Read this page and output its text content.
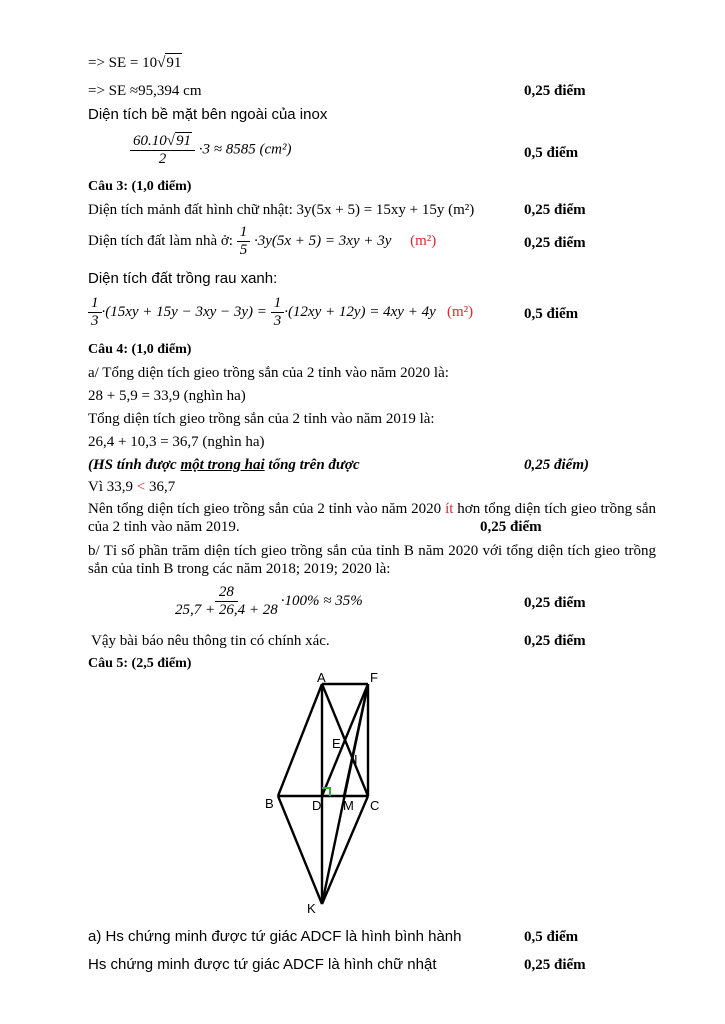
=> SE = 10√91
=> SE ≈95,394 cm	0,25 điểm
Diện tích bề mặt bên ngoài của inox
$\frac{60.10√91}{2} \cdot 3 \approx 8585$ (cm²)	0,5 điểm
Câu 3: (1,0 điểm)
Diện tích mảnh đất hình chữ nhật: 3y(5x + 5) = 15xy + 15y (m²)	0,25 điểm
Diện tích đất làm nhà ở: $\frac{1}{5} \cdot 3y(5x + 5) = 3xy + 3y$ (m²)	0,25 điểm
Diện tích đất trồng rau xanh:
$\frac{1}{3} \cdot(15xy + 15y - 3xy - 3y) = \frac{1}{3} \cdot(12xy + 12y) = 4xy + 4y$ (m²)	0,5 điểm
Câu 4: (1,0 điểm)
a/ Tổng diện tích gieo trồng sắn của 2 tỉnh vào năm 2020 là:
28 + 5,9 = 33,9 (nghìn ha)
Tổng diện tích gieo trồng sắn của 2 tỉnh vào năm 2019 là:
26,4 + 10,3 = 36,7 (nghìn ha)
(HS tính được một trong hai tổng trên được	0,25 điểm)
Vì 33,9 < 36,7
Nên tổng diện tích gieo trồng sắn của 2 tỉnh vào năm 2020 ít hơn tổng diện tích gieo trồng sắn của 2 tỉnh vào năm 2019.	0,25 điểm
b/ Tỉ số phần trăm diện tích gieo trồng sắn của tỉnh B năm 2020 với tổng diện tích gieo trồng sắn của tỉnh B trong các năm 2018; 2019; 2020 là:
$\frac{28}{25,7 + 26,4 + 28} \cdot 100\% \approx 35\%$	0,25 điểm
Vậy bài báo nêu thông tin có chính xác.	0,25 điểm
Câu 5: (2,5 điểm)
A	F
E
I
B	D M C
K
a) Hs chứng minh được tứ giác ADCF là hình bình hành	0,5 điểm
Hs chứng minh được tứ giác ADCF là hình chữ nhật	0,25 điểm
